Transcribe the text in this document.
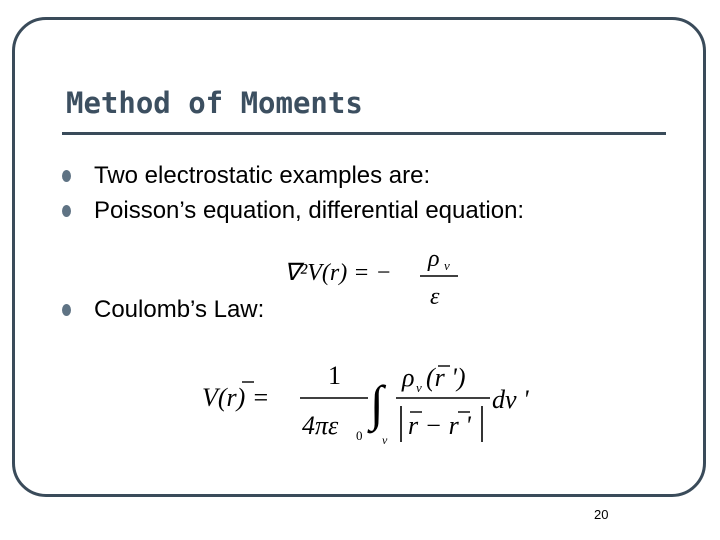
Method of Moments
Two electrostatic examples are:
Poisson’s equation, differential equation:
Coulomb’s Law:
∇²V(r) = −
ρ v
ε
V(r) =
1
4πε 0
∫
v
ρ v (r ')
r − r '
dv '
20
